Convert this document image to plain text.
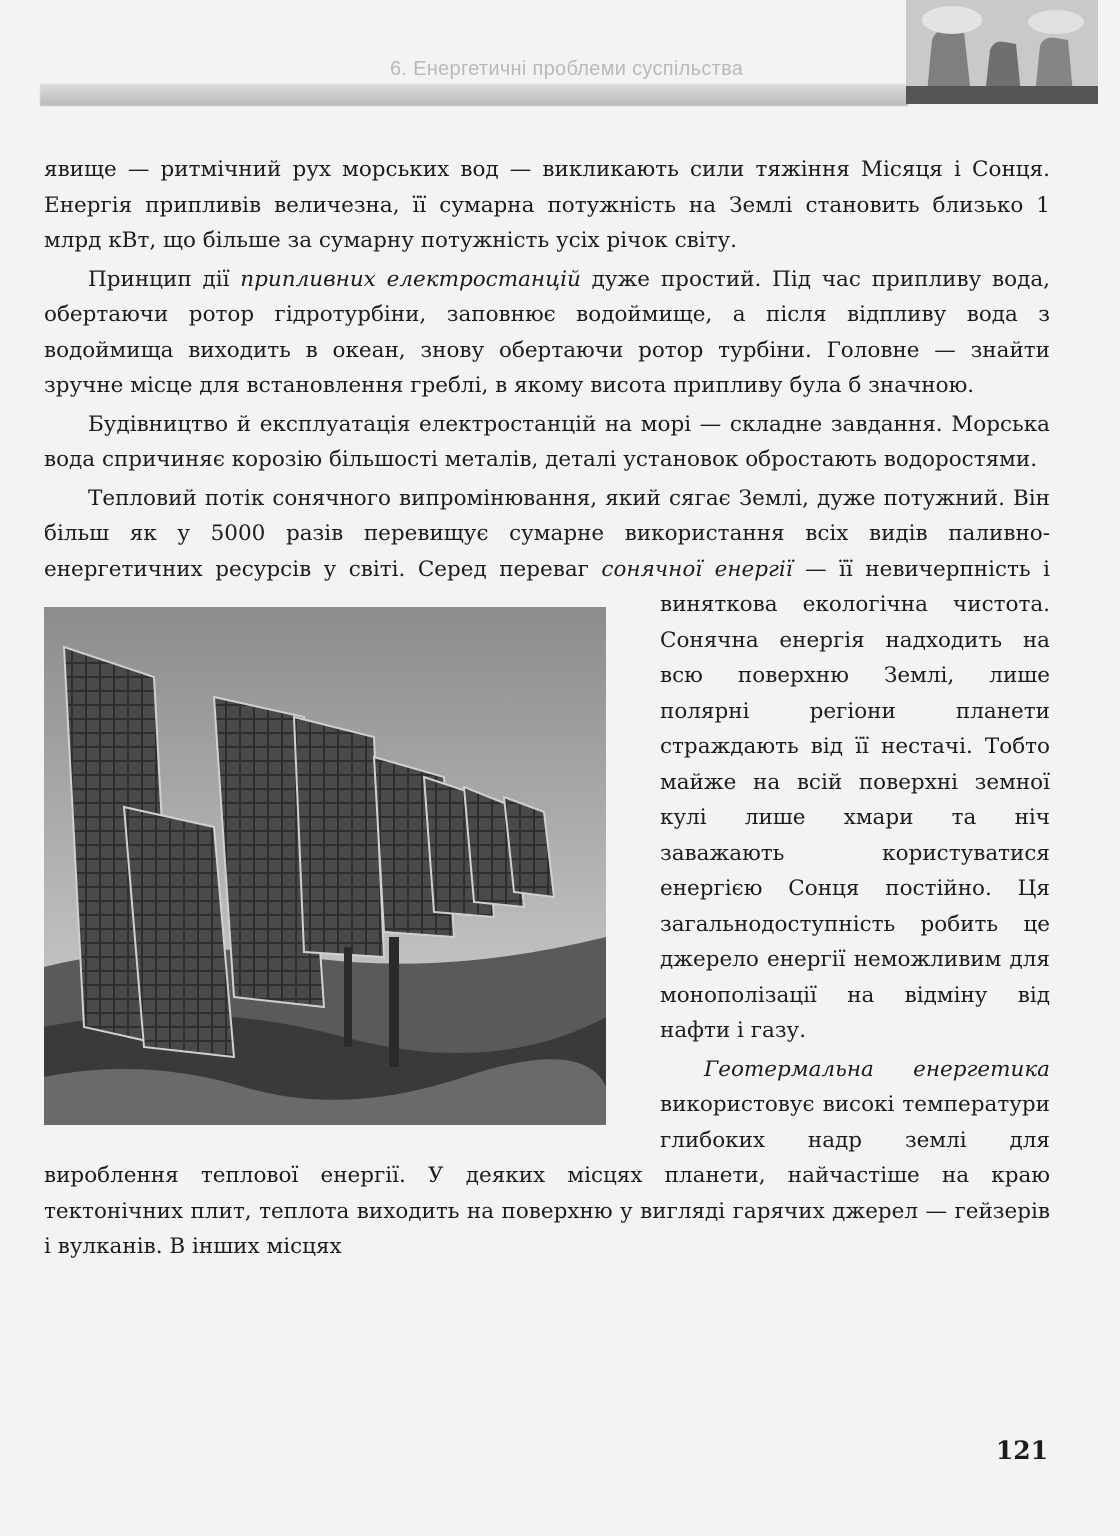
6. Енергетичні проблеми суспільства

явище — ритмічний рух морських вод — викликають сили тяжіння Місяця і Сонця. Енергія припливів величезна, її сумарна потужність на Землі становить близько 1 млрд кВт, що більше за сумарну потужність усіх річок світу.

Принцип дії припливних електростанцій дуже простий. Під час припливу вода, обертаючи ротор гідротурбіни, заповнює водоймище, а після відпливу вода з водоймища виходить в океан, знову обертаючи ротор турбіни. Головне — знайти зручне місце для встановлення греблі, в якому висота припливу була б значною.

Будівництво й експлуатація електростанцій на морі — складне завдання. Морська вода спричиняє корозію більшості металів, деталі установок обростають водоростями.

Тепловий потік сонячного випромінювання, який сягає Землі, дуже потужний. Він більш як у 5000 разів перевищує сумарне використання всіх видів паливно-енергетичних ресурсів у світі. Серед переваг
сонячної енергії — її невичерпність і виняткова екологічна чистота. Сонячна енергія надходить на всю поверхню Землі, лише полярні регіони планети страждають від її нестачі. Тобто майже на всій поверхні земної кулі лише хмари та ніч заважають користуватися енергією Сонця постійно. Ця загальнодоступність робить це джерело енергії неможливим для монополізації на відміну від нафти і газу.

Геотермальна енергетика використовує високі температури глибоких надр землі для вироблення теплової енергії. У деяких місцях планети, найчастіше на краю тектонічних плит, теплота виходить на поверхню у вигляді гарячих джерел — гейзерів і вулканів. В інших місцях

121
